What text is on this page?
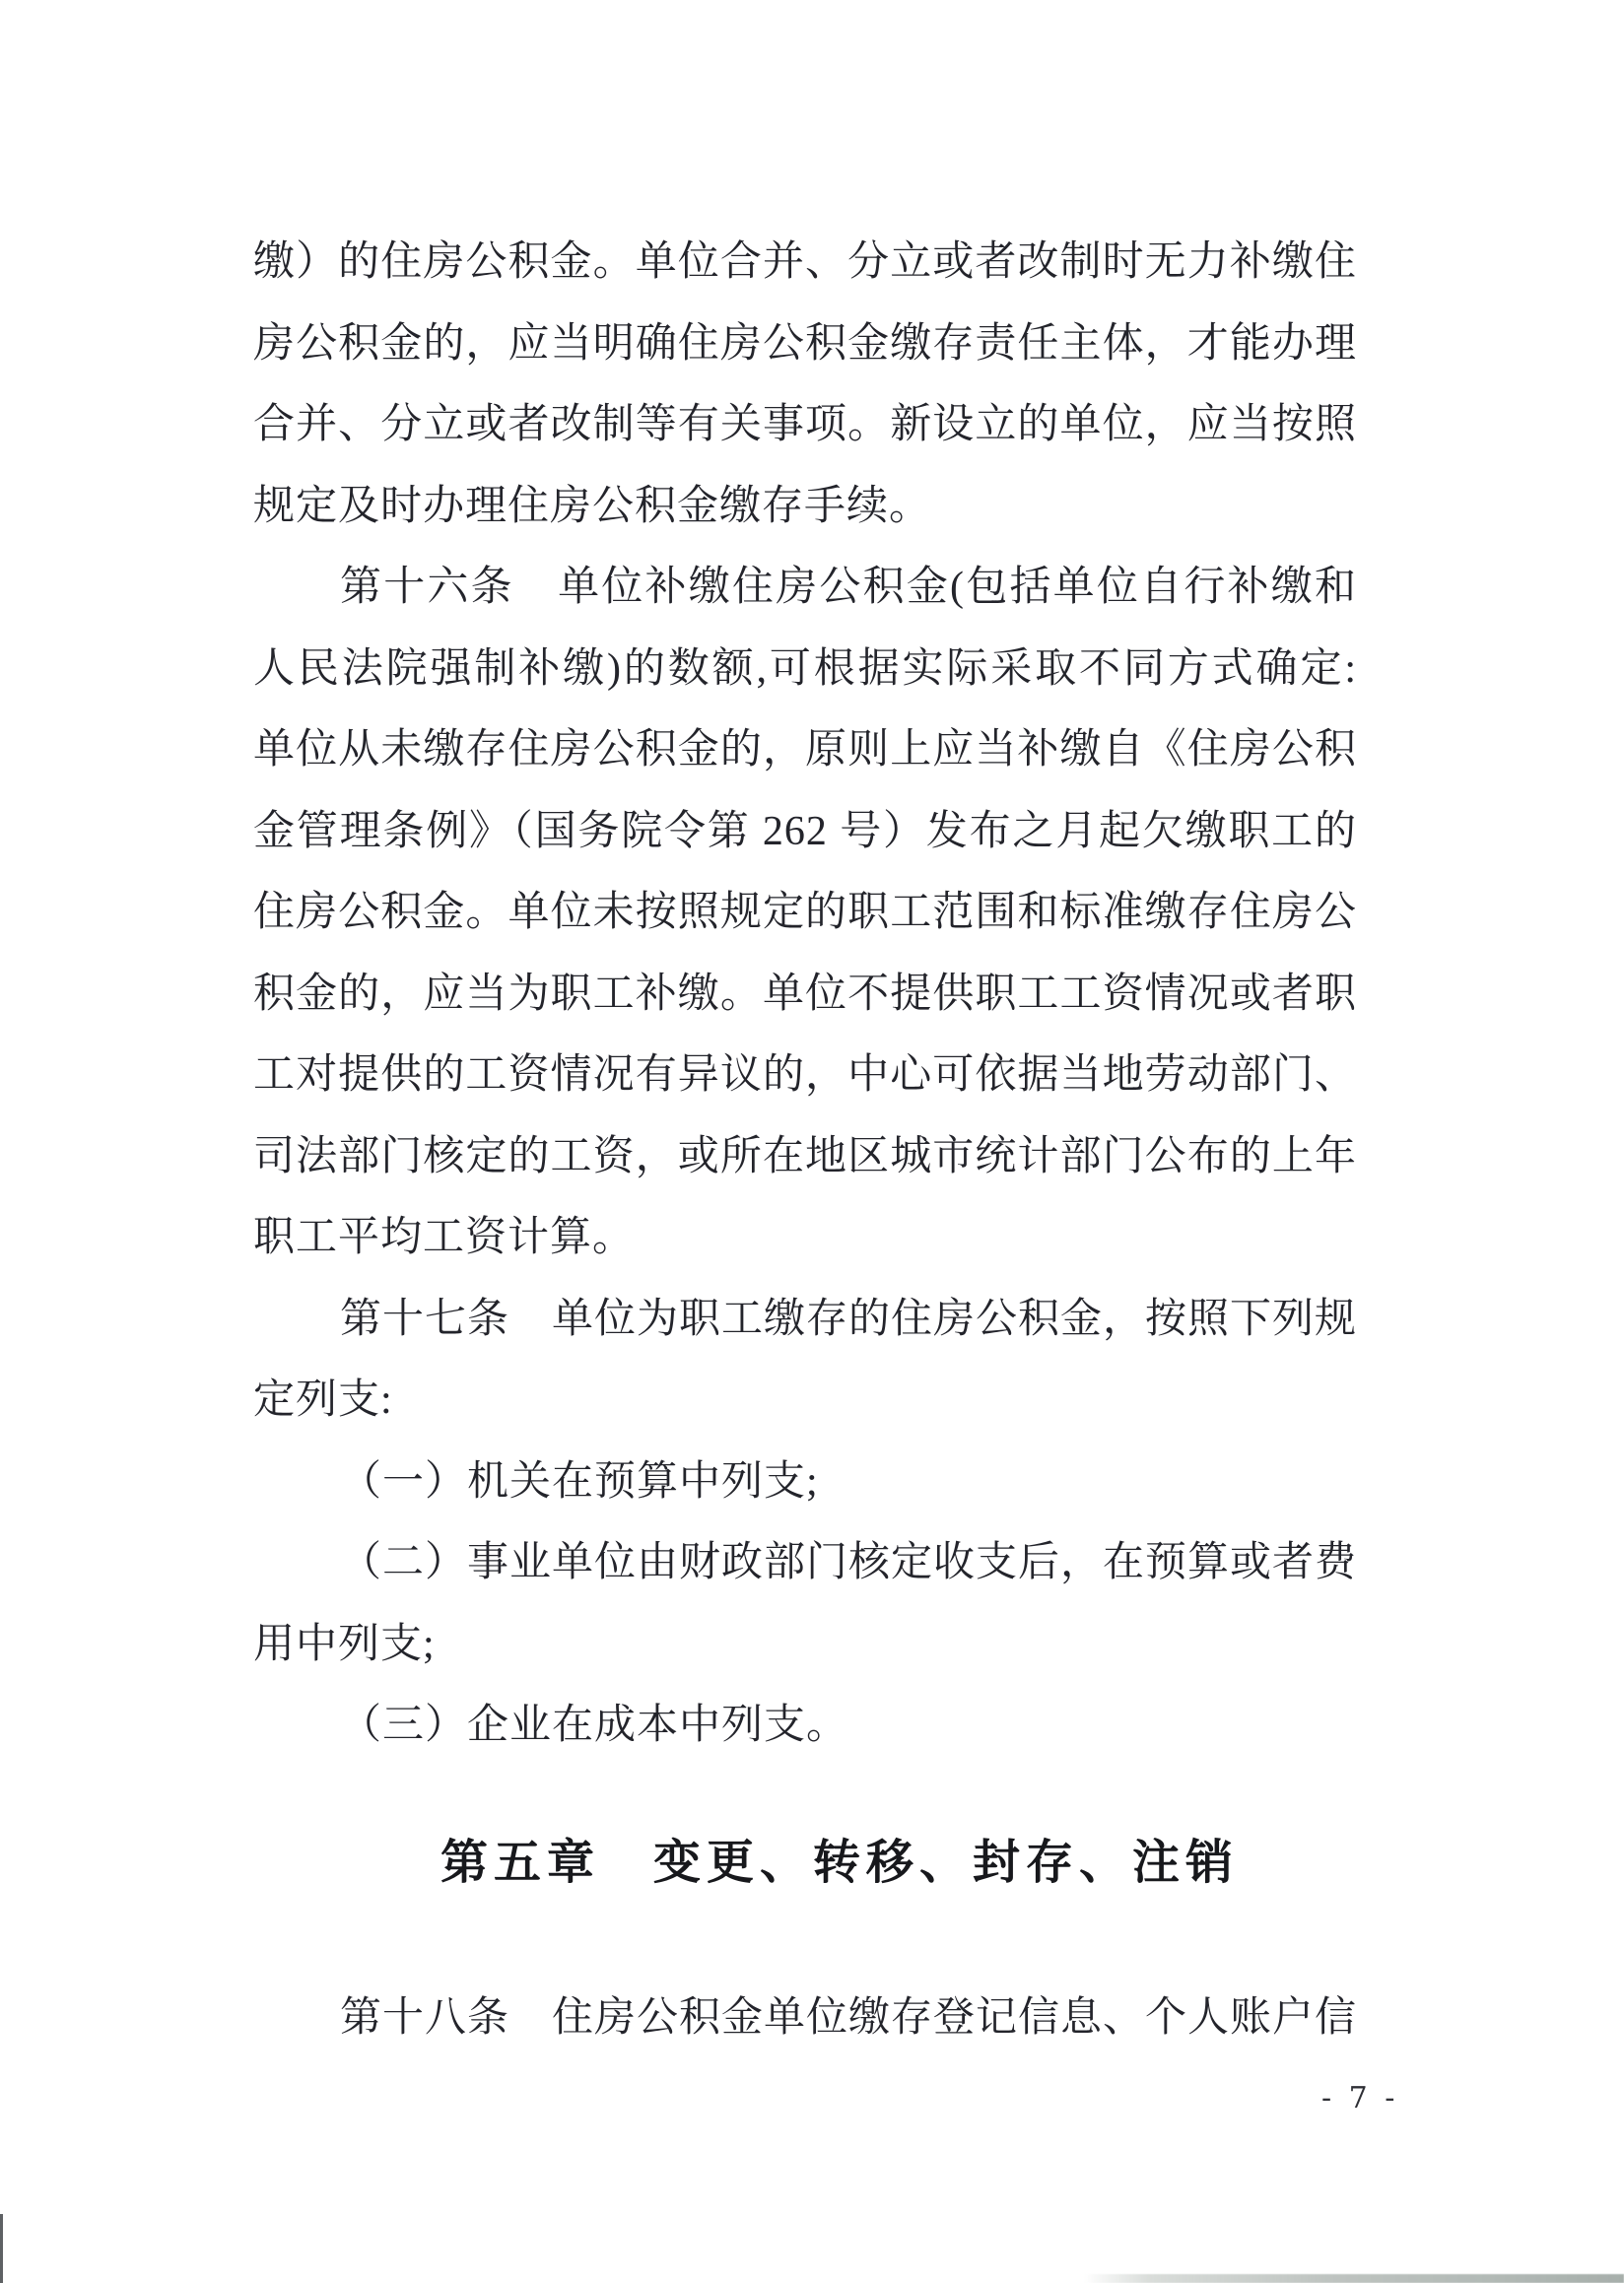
缴）的住房公积金。单位合并、分立或者改制时无力补缴住
房公积金的，应当明确住房公积金缴存责任主体，才能办理
合并、分立或者改制等有关事项。新设立的单位，应当按照
规定及时办理住房公积金缴存手续。
第十六条　单位补缴住房公积金(包括单位自行补缴和
人民法院强制补缴)的数额,可根据实际采取不同方式确定:
单位从未缴存住房公积金的，原则上应当补缴自《住房公积
金管理条例》（国务院令第 262 号）发布之月起欠缴职工的
住房公积金。单位未按照规定的职工范围和标准缴存住房公
积金的，应当为职工补缴。单位不提供职工工资情况或者职
工对提供的工资情况有异议的，中心可依据当地劳动部门、
司法部门核定的工资，或所在地区城市统计部门公布的上年
职工平均工资计算。
第十七条　单位为职工缴存的住房公积金，按照下列规
定列支:
（一）机关在预算中列支;
（二）事业单位由财政部门核定收支后，在预算或者费
用中列支;
（三）企业在成本中列支。
第五章　变更、转移、封存、注销
第十八条　住房公积金单位缴存登记信息、个人账户信
- 7 -
